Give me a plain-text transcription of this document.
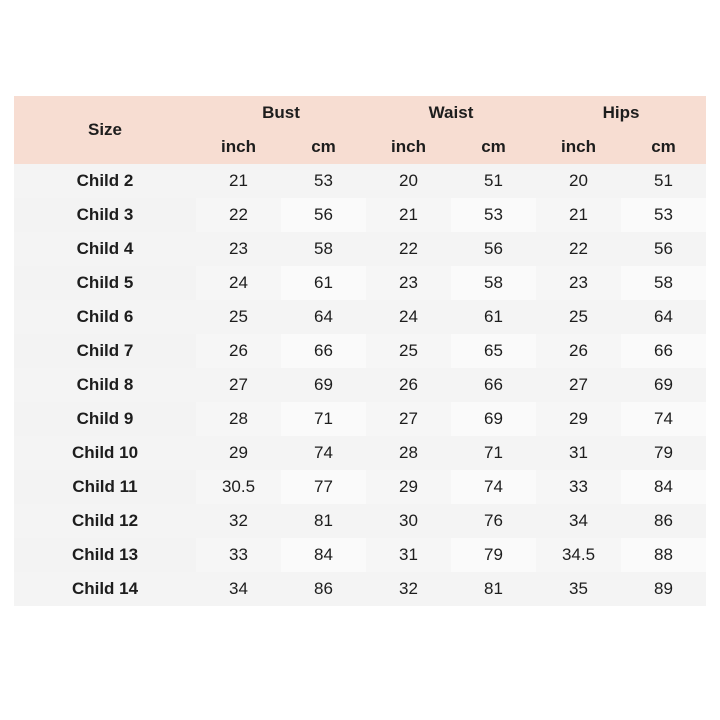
Size	Bust		Waist		Hips	
	inch	cm	inch	cm	inch	cm
Child 2	21	53	20	51	20	51
Child 3	22	56	21	53	21	53
Child 4	23	58	22	56	22	56
Child 5	24	61	23	58	23	58
Child 6	25	64	24	61	25	64
Child 7	26	66	25	65	26	66
Child 8	27	69	26	66	27	69
Child 9	28	71	27	69	29	74
Child 10	29	74	28	71	31	79
Child 11	30.5	77	29	74	33	84
Child 12	32	81	30	76	34	86
Child 13	33	84	31	79	34.5	88
Child 14	34	86	32	81	35	89
